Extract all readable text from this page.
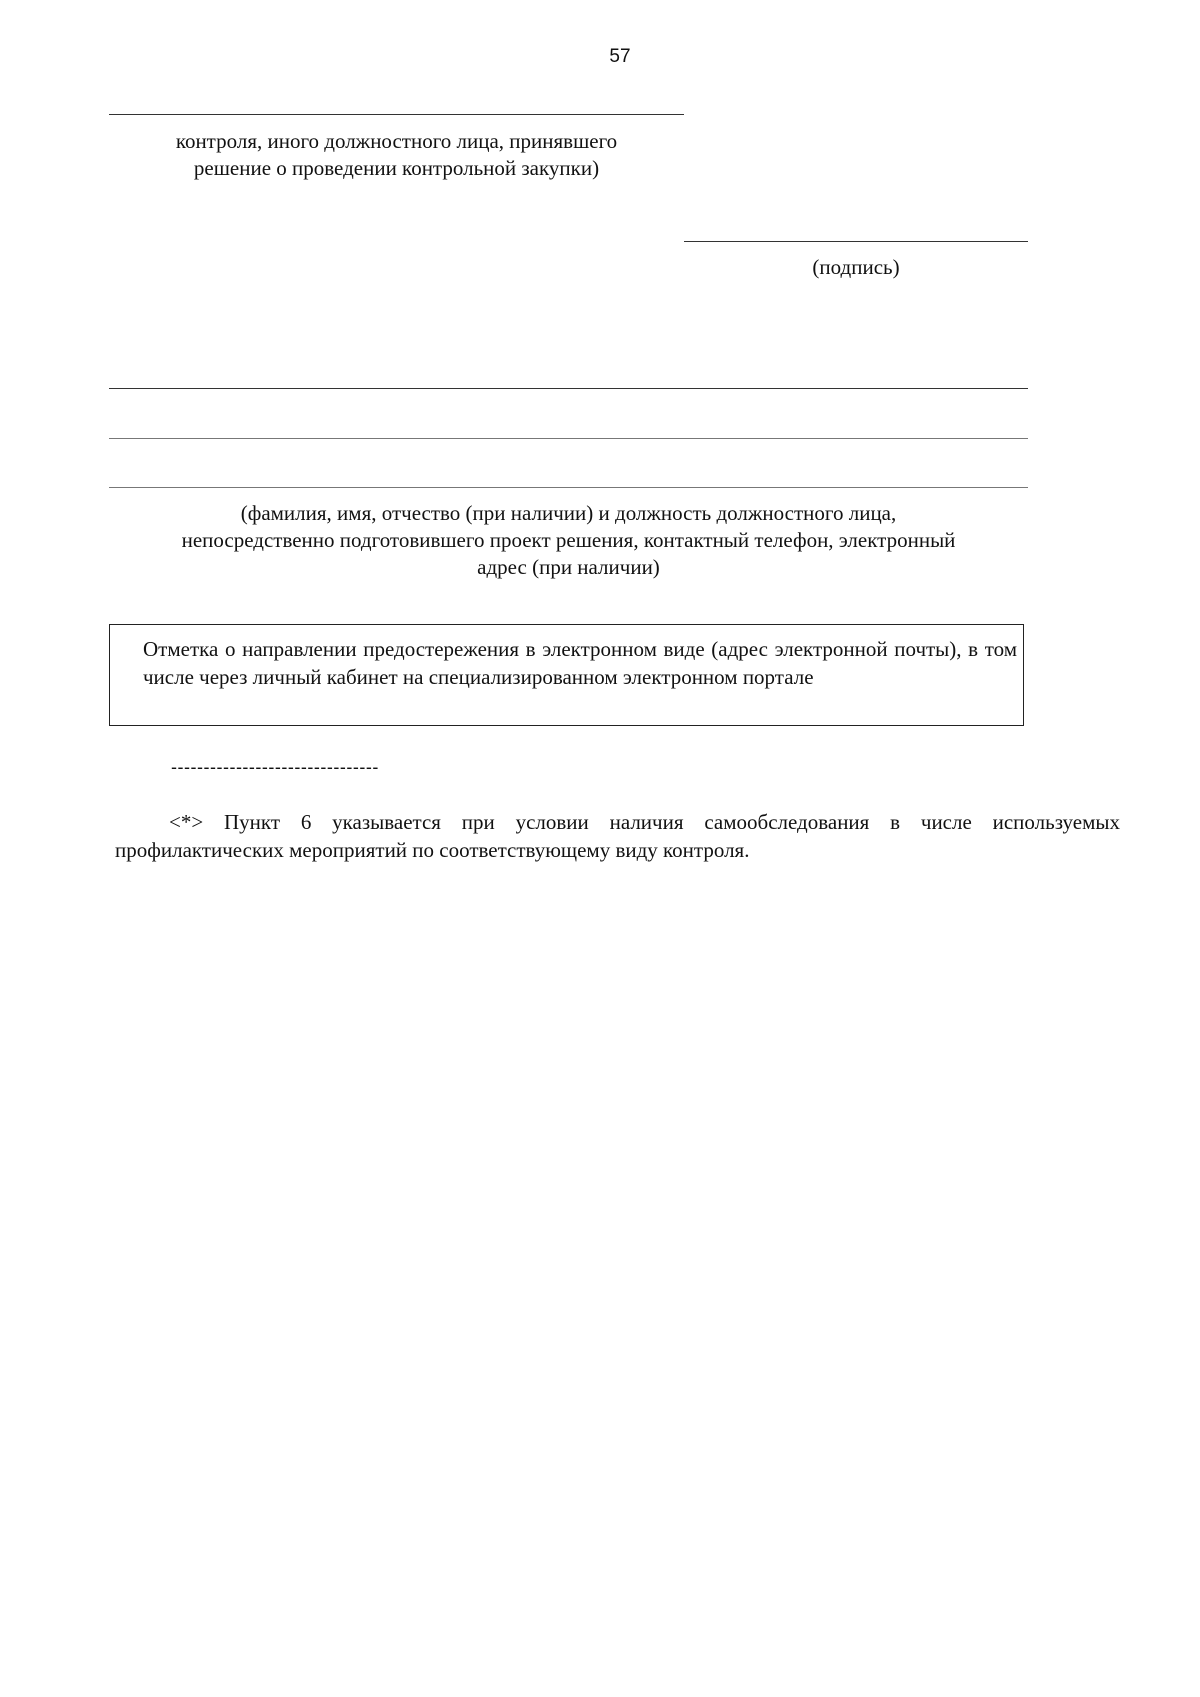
57
контроля, иного должностного лица, принявшего
решение о проведении контрольной закупки)
(подпись)
(фамилия, имя, отчество (при наличии) и должность должностного лица,
непосредственно подготовившего проект решения, контактный телефон, электронный
адрес (при наличии)

Отметка о направлении предостережения в электронном виде (адрес электронной почты), в том числе через личный кабинет на специализированном электронном портале

--------------------------------

<*> Пункт 6 указывается при условии наличия самообследования в числе используемых профилактических мероприятий по соответствующему виду контроля.
